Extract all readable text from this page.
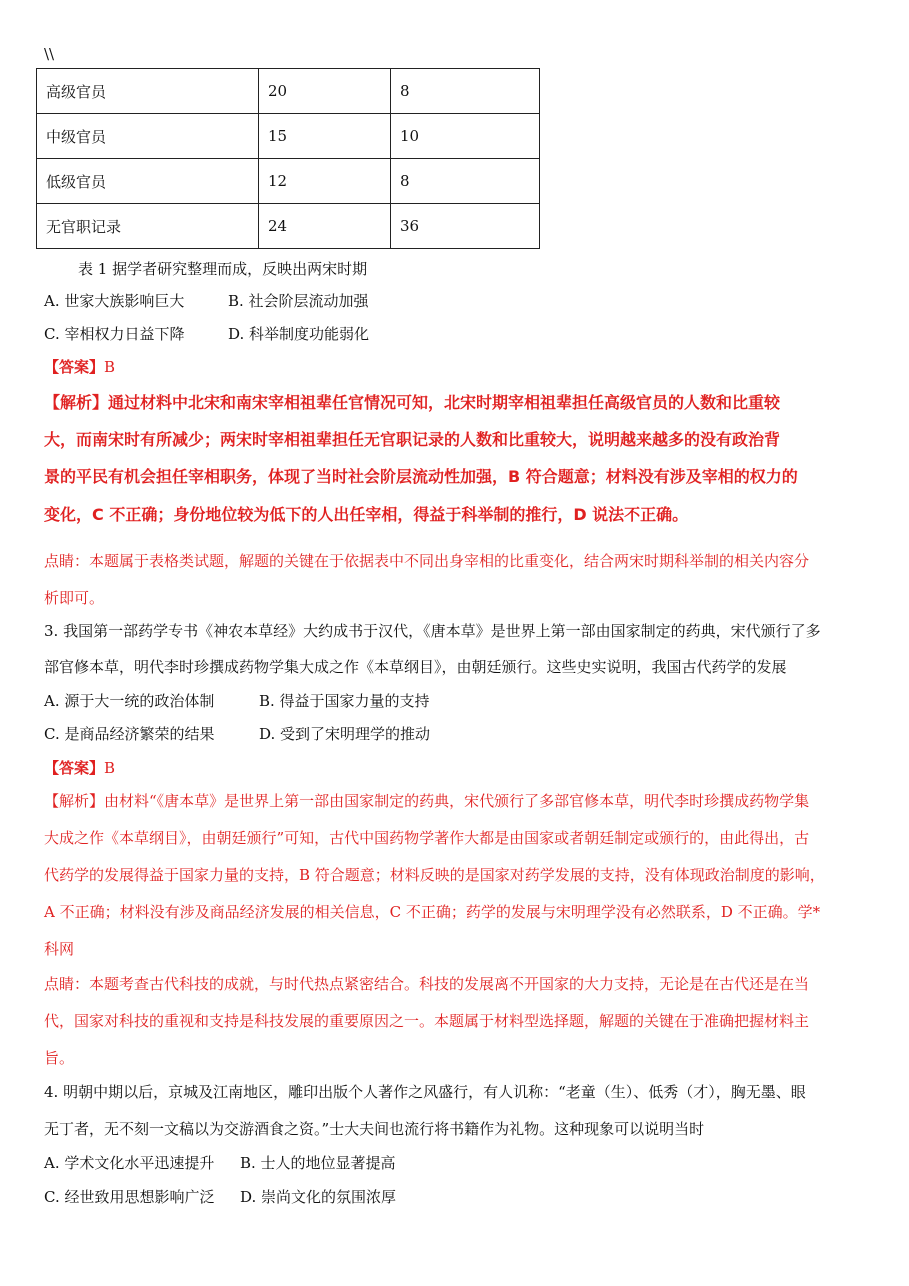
\\
高级官员	20	8
中级官员	15	10
低级官员	12	8
无官职记录	24	36
表 1 据学者研究整理而成，反映出两宋时期
A. 世家大族影响巨大	B. 社会阶层流动加强
C. 宰相权力日益下降	D. 科举制度功能弱化
【答案】B
【解析】通过材料中北宋和南宋宰相祖辈任官情况可知，北宋时期宰相祖辈担任高级官员的人数和比重较
大，而南宋时有所减少；两宋时宰相祖辈担任无官职记录的人数和比重较大，说明越来越多的没有政治背
景的平民有机会担任宰相职务，体现了当时社会阶层流动性加强，B 符合题意；材料没有涉及宰相的权力的
变化，C 不正确；身份地位较为低下的人出任宰相，得益于科举制的推行，D 说法不正确。
点睛：本题属于表格类试题，解题的关键在于依据表中不同出身宰相的比重变化，结合两宋时期科举制的相关内容分
析即可。
3. 我国第一部药学专书《神农本草经》大约成书于汉代，《唐本草》是世界上第一部由国家制定的药典，宋代颁行了多
部官修本草，明代李时珍撰成药物学集大成之作《本草纲目》，由朝廷颁行。这些史实说明，我国古代药学的发展
A. 源于大一统的政治体制	B. 得益于国家力量的支持
C. 是商品经济繁荣的结果	D. 受到了宋明理学的推动
【答案】B
【解析】由材料“《唐本草》是世界上第一部由国家制定的药典，宋代颁行了多部官修本草，明代李时珍撰成药物学集
大成之作《本草纲目》，由朝廷颁行”可知，古代中国药物学著作大都是由国家或者朝廷制定或颁行的，由此得出，古
代药学的发展得益于国家力量的支持，B 符合题意；材料反映的是国家对药学发展的支持，没有体现政治制度的影响，
A 不正确；材料没有涉及商品经济发展的相关信息，C 不正确；药学的发展与宋明理学没有必然联系，D 不正确。学*
科网
点睛：本题考查古代科技的成就，与时代热点紧密结合。科技的发展离不开国家的大力支持，无论是在古代还是在当
代，国家对科技的重视和支持是科技发展的重要原因之一。本题属于材料型选择题，解题的关键在于准确把握材料主
旨。
4. 明朝中期以后，京城及江南地区，雕印出版个人著作之风盛行，有人讥称：“老童（生）、低秀（才），胸无墨、眼
无丁者，无不刻一文稿以为交游酒食之资。”士大夫间也流行将书籍作为礼物。这种现象可以说明当时
A. 学术文化水平迅速提升 B. 士人的地位显著提高
C. 经世致用思想影响广泛 D. 崇尚文化的氛围浓厚
